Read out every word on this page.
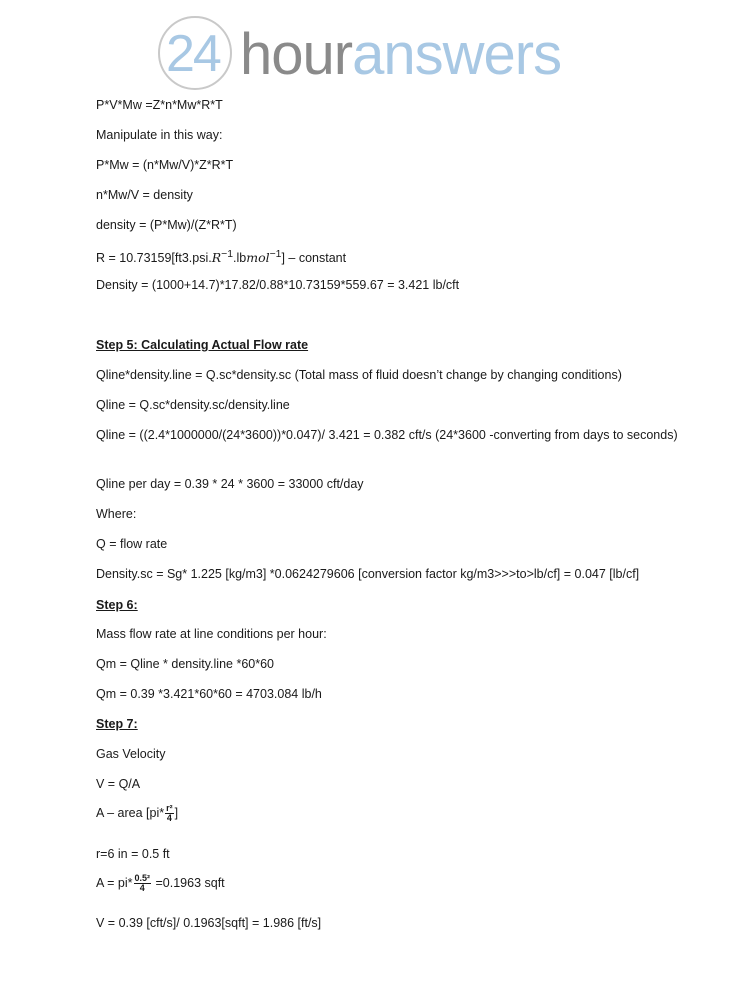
24 houranswers
P*V*Mw =Z*n*Mw*R*T
Manipulate in this way:
P*Mw = (n*Mw/V)*Z*R*T
n*Mw/V = density
density = (P*Mw)/(Z*R*T)
$R = 10.73159[ft3.psi.R^{-1}.lbmol^{-1}]$ – constant
Density = (1000+14.7)*17.82/0.88*10.73159*559.67 = 3.421 lb/cft
Step 5: Calculating Actual Flow rate
Qline*density.line = Q.sc*density.sc (Total mass of fluid doesn’t change by changing conditions)
Qline = Q.sc*density.sc/density.line
Qline = ((2.4*1000000/(24*3600))*0.047)/ 3.421 = 0.382 cft/s (24*3600 -converting from days to seconds)
Qline per day = 0.39 * 24 * 3600 = 33000 cft/day
Where:
Q = flow rate
Density.sc = Sg* 1.225 [kg/m3] *0.0624279606 [conversion factor kg/m3>>>to>lb/cf] = 0.047 [lb/cf]
Step 6:
Mass flow rate at line conditions per hour:
Qm = Qline * density.line *60*60
Qm = 0.39 *3.421*60*60 = 4703.084 lb/h
Step 7:
Gas Velocity
V = Q/A
A – area [$pi* \frac{\text{r²}}{4}$ ]
r=6 in = 0.5 ft
$A = pi* \frac{\text{0.5²}}{4} =0.1963$ sqft
V = 0.39 [cft/s]/ 0.1963[sqft] = 1.986 [ft/s]
